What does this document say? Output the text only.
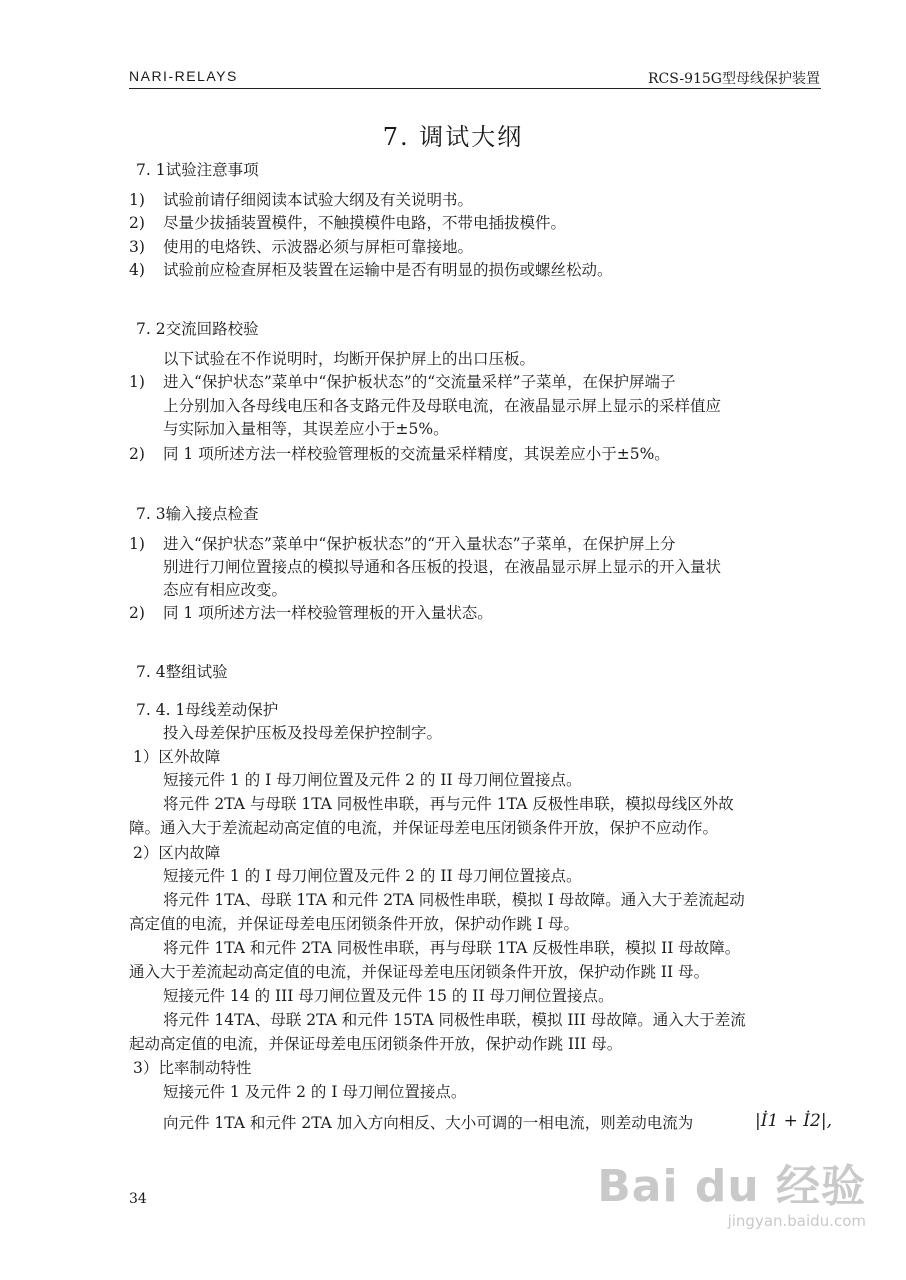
NARI-RELAYS	RCS-915G型母线保护装置
7. 调试大纲
7. 1试验注意事项
1) 试验前请仔细阅读本试验大纲及有关说明书。
2) 尽量少拔插装置模件，不触摸模件电路，不带电插拔模件。
3) 使用的电烙铁、示波器必须与屏柜可靠接地。
4) 试验前应检查屏柜及装置在运输中是否有明显的损伤或螺丝松动。
7. 2交流回路校验
以下试验在不作说明时，均断开保护屏上的出口压板。
1) 进入“保护状态”菜单中“保护板状态”的“交流量采样”子菜单，在保护屏端子
上分别加入各母线电压和各支路元件及母联电流，在液晶显示屏上显示的采样值应
与实际加入量相等，其误差应小于±5%。
2) 同 1 项所述方法一样校验管理板的交流量采样精度，其误差应小于±5%。
7. 3输入接点检查
1) 进入“保护状态”菜单中“保护板状态”的“开入量状态”子菜单，在保护屏上分
别进行刀闸位置接点的模拟导通和各压板的投退，在液晶显示屏上显示的开入量状
态应有相应改变。
2) 同 1 项所述方法一样校验管理板的开入量状态。
7. 4整组试验
7. 4. 1母线差动保护
投入母差保护压板及投母差保护控制字。
1）区外故障
短接元件 1 的 I 母刀闸位置及元件 2 的 II 母刀闸位置接点。
将元件 2TA 与母联 1TA 同极性串联，再与元件 1TA 反极性串联，模拟母线区外故
障。通入大于差流起动高定值的电流，并保证母差电压闭锁条件开放，保护不应动作。
2）区内故障
短接元件 1 的 I 母刀闸位置及元件 2 的 II 母刀闸位置接点。
将元件 1TA、母联 1TA 和元件 2TA 同极性串联，模拟 I 母故障。通入大于差流起动
高定值的电流，并保证母差电压闭锁条件开放，保护动作跳 I 母。
将元件 1TA 和元件 2TA 同极性串联，再与母联 1TA 反极性串联，模拟 II 母故障。
通入大于差流起动高定值的电流，并保证母差电压闭锁条件开放，保护动作跳 II 母。
短接元件 14 的 III 母刀闸位置及元件 15 的 II 母刀闸位置接点。
将元件 14TA、母联 2TA 和元件 15TA 同极性串联，模拟 III 母故障。通入大于差流
起动高定值的电流，并保证母差电压闭锁条件开放，保护动作跳 III 母。
3）比率制动特性
短接元件 1 及元件 2 的 I 母刀闸位置接点。
向元件 1TA 和元件 2TA 加入方向相反、大小可调的一相电流，则差动电流为	|İ1 + İ2|,
34	Bai du 经验
jingyan.baidu.com
